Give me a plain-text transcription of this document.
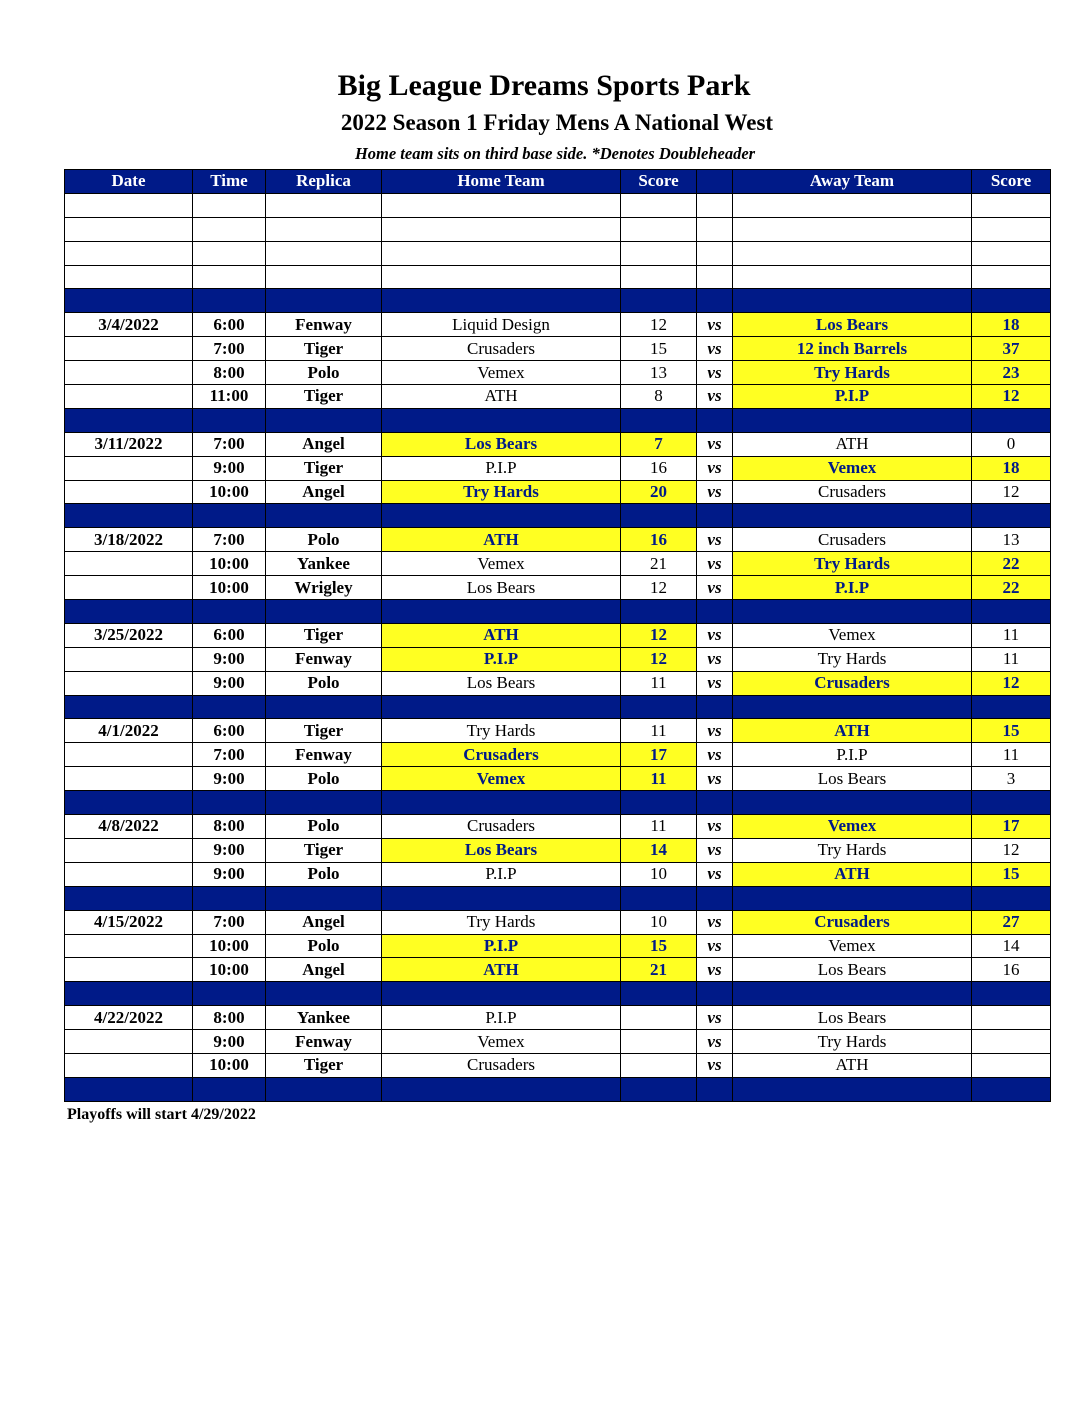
Big League Dreams Sports Park
2022 Season 1 Friday Mens A National West
Home team sits on third base side. *Denotes Doubleheader
Date	Time	Replica	Home Team	Score		Away Team	Score

3/4/2022	6:00	Fenway	Liquid Design	12	vs	Los Bears	18
	7:00	Tiger	Crusaders	15	vs	12 inch Barrels	37
	8:00	Polo	Vemex	13	vs	Try Hards	23
	11:00	Tiger	ATH	8	vs	P.I.P	12

3/11/2022	7:00	Angel	Los Bears	7	vs	ATH	0
	9:00	Tiger	P.I.P	16	vs	Vemex	18
	10:00	Angel	Try Hards	20	vs	Crusaders	12

3/18/2022	7:00	Polo	ATH	16	vs	Crusaders	13
	10:00	Yankee	Vemex	21	vs	Try Hards	22
	10:00	Wrigley	Los Bears	12	vs	P.I.P	22

3/25/2022	6:00	Tiger	ATH	12	vs	Vemex	11
	9:00	Fenway	P.I.P	12	vs	Try Hards	11
	9:00	Polo	Los Bears	11	vs	Crusaders	12

4/1/2022	6:00	Tiger	Try Hards	11	vs	ATH	15
	7:00	Fenway	Crusaders	17	vs	P.I.P	11
	9:00	Polo	Vemex	11	vs	Los Bears	3

4/8/2022	8:00	Polo	Crusaders	11	vs	Vemex	17
	9:00	Tiger	Los Bears	14	vs	Try Hards	12
	9:00	Polo	P.I.P	10	vs	ATH	15

4/15/2022	7:00	Angel	Try Hards	10	vs	Crusaders	27
	10:00	Polo	P.I.P	15	vs	Vemex	14
	10:00	Angel	ATH	21	vs	Los Bears	16

4/22/2022	8:00	Yankee	P.I.P		vs	Los Bears	
	9:00	Fenway	Vemex		vs	Try Hards	
	10:00	Tiger	Crusaders		vs	ATH	

Playoffs will start 4/29/2022
